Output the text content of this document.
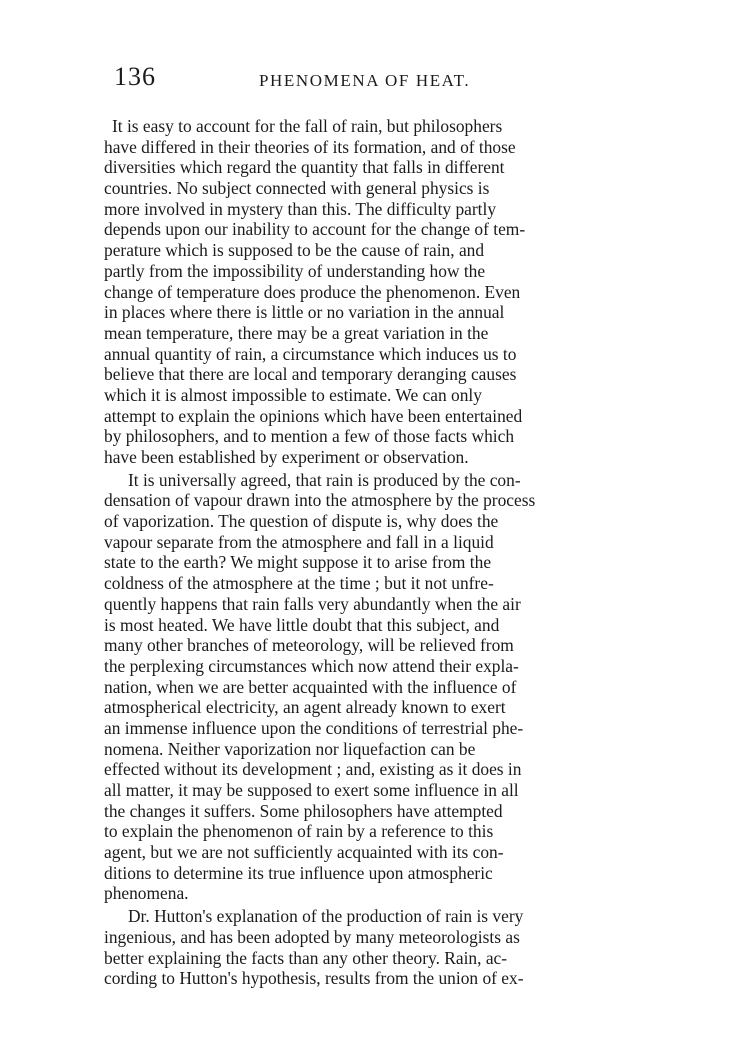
136	PHENOMENA OF HEAT.
It is easy to account for the fall of rain, but philosophers
have differed in their theories of its formation, and of those
diversities which regard the quantity that falls in different
countries. No subject connected with general physics is
more involved in mystery than this. The difficulty partly
depends upon our inability to account for the change of tem-
perature which is supposed to be the cause of rain, and
partly from the impossibility of understanding how the
change of temperature does produce the phenomenon. Even
in places where there is little or no variation in the annual
mean temperature, there may be a great variation in the
annual quantity of rain, a circumstance which induces us to
believe that there are local and temporary deranging causes
which it is almost impossible to estimate. We can only
attempt to explain the opinions which have been entertained
by philosophers, and to mention a few of those facts which
have been established by experiment or observation.
It is universally agreed, that rain is produced by the con-
densation of vapour drawn into the atmosphere by the process
of vaporization. The question of dispute is, why does the
vapour separate from the atmosphere and fall in a liquid
state to the earth? We might suppose it to arise from the
coldness of the atmosphere at the time ; but it not unfre-
quently happens that rain falls very abundantly when the air
is most heated. We have little doubt that this subject, and
many other branches of meteorology, will be relieved from
the perplexing circumstances which now attend their expla-
nation, when we are better acquainted with the influence of
atmospherical electricity, an agent already known to exert
an immense influence upon the conditions of terrestrial phe-
nomena. Neither vaporization nor liquefaction can be
effected without its development ; and, existing as it does in
all matter, it may be supposed to exert some influence in all
the changes it suffers. Some philosophers have attempted
to explain the phenomenon of rain by a reference to this
agent, but we are not sufficiently acquainted with its con-
ditions to determine its true influence upon atmospheric
phenomena.
Dr. Hutton's explanation of the production of rain is very
ingenious, and has been adopted by many meteorologists as
better explaining the facts than any other theory. Rain, ac-
cording to Hutton's hypothesis, results from the union of ex-
